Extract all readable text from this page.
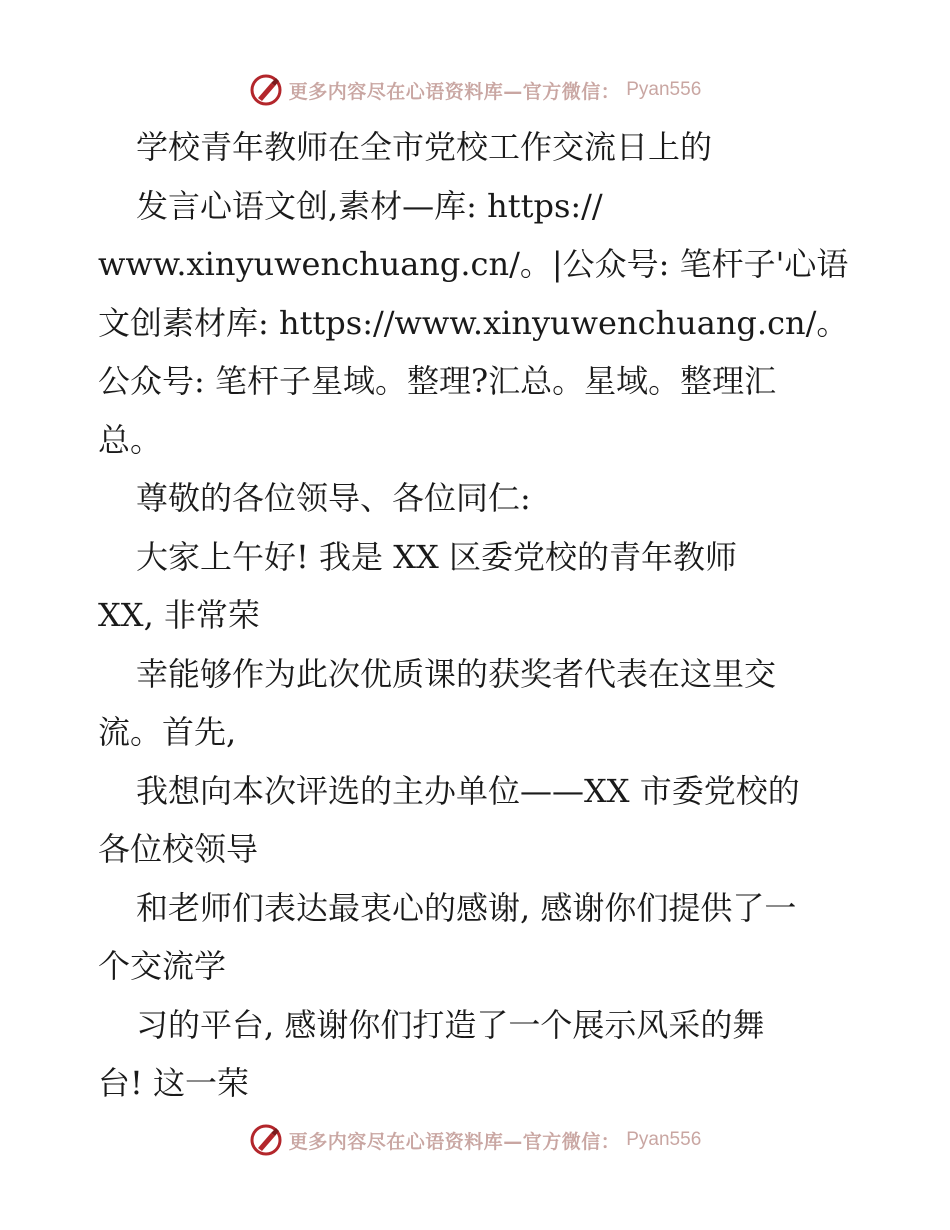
更多内容尽在心语资料库—官方微信： Pyan556
学校青年教师在全市党校工作交流日上的
发言心语文创,素材—库: https://
www.xinyuwenchuang.cn/。|公众号: 笔杆子'心语
文创素材库: https://www.xinyuwenchuang.cn/。
公众号: 笔杆子星域。整理?汇总。星域。整理汇
总。
尊敬的各位领导、各位同仁:
大家上午好! 我是 XX 区委党校的青年教师
XX, 非常荣
幸能够作为此次优质课的获奖者代表在这里交
流。首先,
我想向本次评选的主办单位——XX 市委党校的
各位校领导
和老师们表达最衷心的感谢, 感谢你们提供了一
个交流学
习的平台, 感谢你们打造了一个展示风采的舞
台! 这一荣
更多内容尽在心语资料库—官方微信： Pyan556
